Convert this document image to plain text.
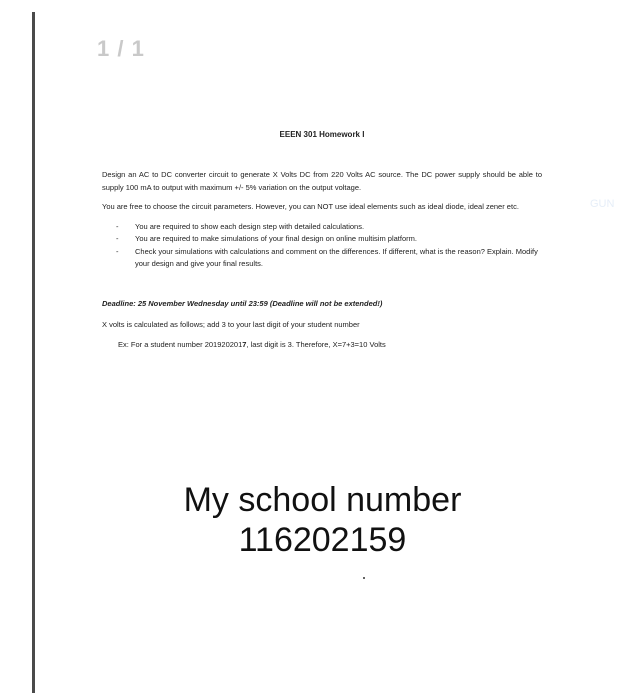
1 / 1
GUN
EEEN 301 Homework I

Design an AC to DC converter circuit to generate X Volts DC from 220 Volts AC source. The DC power supply should be able to supply 100 mA to output with maximum +/- 5% variation on the output voltage.

You are free to choose the circuit parameters. However, you can NOT use ideal elements such as ideal diode, ideal zener etc.

- You are required to show each design step with detailed calculations.
- You are required to make simulations of your final design on online multisim platform.
- Check your simulations with calculations and comment on the differences. If different, what is the reason? Explain. Modify your design and give your final results.
Deadline: 25 November Wednesday until 23:59 (Deadline will not be extended!)
X volts is calculated as follows; add 3 to your last digit of your student number
Ex: For a student number 2019202017, last digit is 3. Therefore, X=7+3=10 Volts
My school number
116202159
